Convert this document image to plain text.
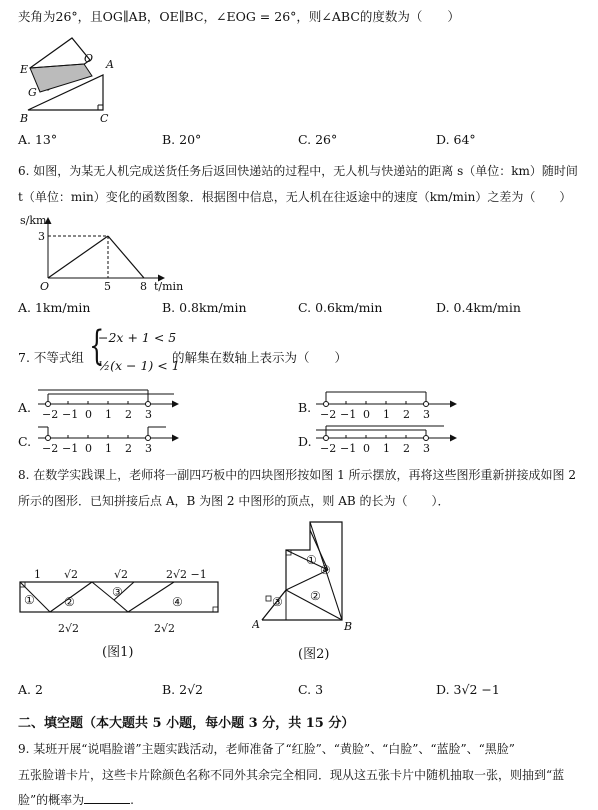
夹角为26°，且OG∥AB，OE∥BC，∠EOG = 26°，则∠ABC的度数为（　　）
E
O A
G
B	C
A. 13°	B. 20°	C. 26°	D. 64°
6. 如图，为某无人机完成送货任务后返回快递站的过程中，无人机与快递站的距离 s（单位：km）随时间
t（单位：min）变化的函数图象．根据图中信息，无人机在往返途中的速度（km/min）之差为（　　）
s/km
3
O	5	8 t/min
A. 1km/min	B. 0.8km/min	C. 0.6km/min	D. 0.4km/min
7. 不等式组 {
−2x + 1 < 5
½(x − 1) < 1
的解集在数轴上表示为（　　）
A.	B.
C.	D.
−2 −1 0 1 2 3	−2 −1 0 1 2 3
−2 −1 0 1 2 3	−2 −1 0 1 2 3
8. 在数学实践课上，老师将一副四巧板中的四块图形按如图 1 所示摆放，再将这些图形重新拼接成如图 2
所示的图形．已知拼接后点 A，B 为图 2 中图形的顶点，则 AB 的长为（　　）．
1 √2	√2	2√2 −1
① ②
③
④
2√2	2√2
(图1)
①
②
③
④
A	B
(图2)
A. 2	B. 2√2	C. 3	D. 3√2 −1
二、填空题（本大题共 5 小题，每小题 3 分，共 15 分）
9. 某班开展“说唱脸谱”主题实践活动，老师准备了“红脸”、“黄脸”、“白脸”、“蓝脸”、“黑脸”
五张脸谱卡片，这些卡片除颜色名称不同外其余完全相同．现从这五张卡片中随机抽取一张，则抽到“蓝
脸”的概率为	.
